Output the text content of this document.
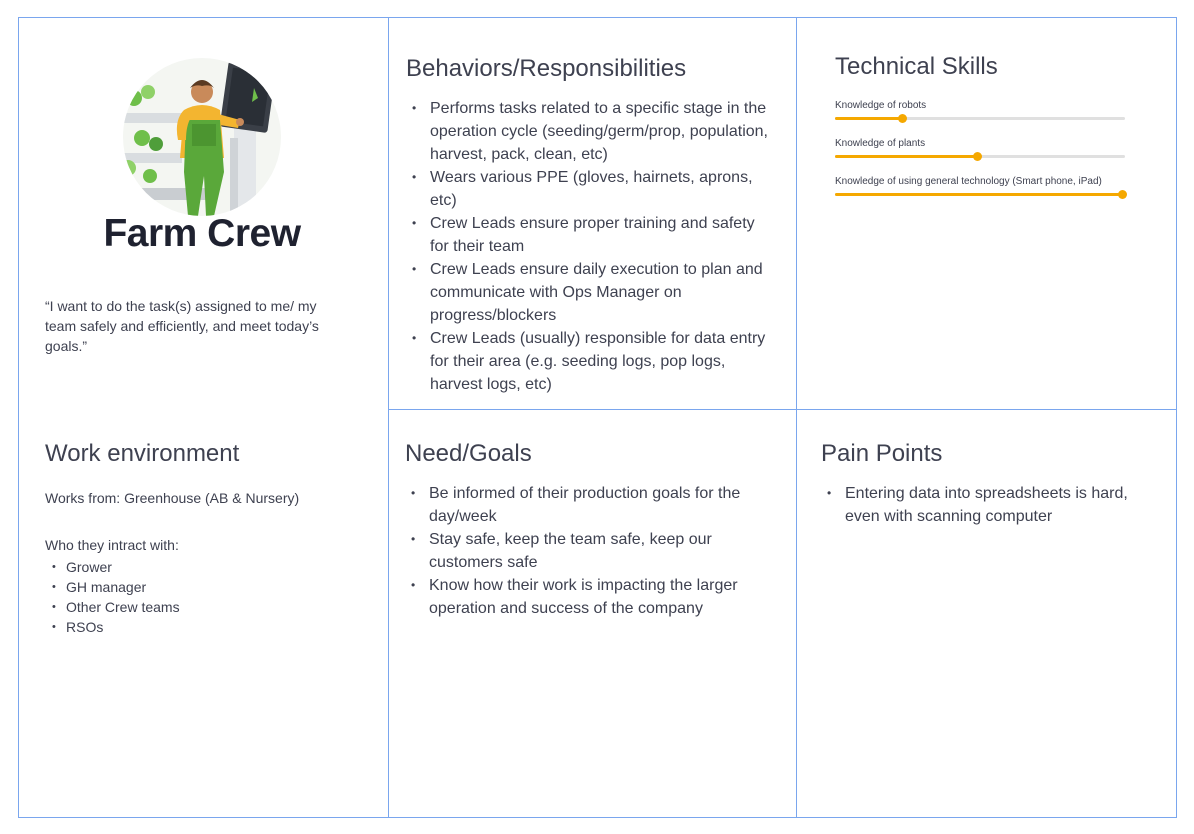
Farm Crew
“I want to do the task(s) assigned to me/ my team safely and efficiently, and meet today’s goals.”
Behaviors/Responsibilities
• Performs tasks related to a specific stage in the operation cycle (seeding/germ/prop, population, harvest, pack, clean, etc)
• Wears various PPE (gloves, hairnets, aprons, etc)
• Crew Leads ensure proper training and safety for their team
• Crew Leads ensure daily execution to plan and communicate with Ops Manager on progress/blockers
• Crew Leads (usually) responsible for data entry for their area (e.g. seeding logs, pop logs, harvest logs, etc)
Technical Skills
Knowledge of robots
Knowledge of plants
Knowledge of using general technology (Smart phone, iPad)
Work environment
Works from: Greenhouse (AB & Nursery)
Who they intract with:
• Grower
• GH manager
• Other Crew teams
• RSOs
Need/Goals
• Be informed of their production goals for the day/week
• Stay safe, keep the team safe, keep our customers safe
• Know how their work is impacting the larger operation and success of the company
Pain Points
• Entering data into spreadsheets is hard, even with scanning computer
